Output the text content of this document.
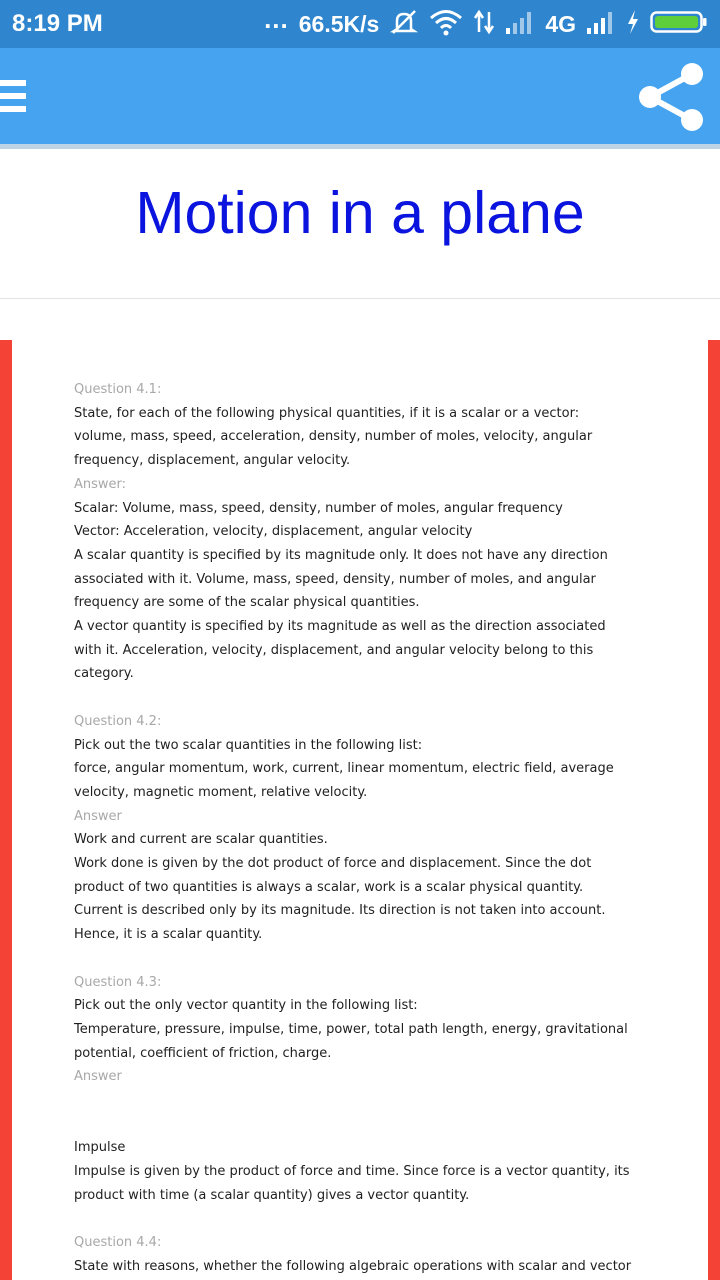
8:19 PM	... 66.5K/s	4G
Motion in a plane

Question 4.1:

State, for each of the following physical quantities, if it is a scalar or a vector:

volume, mass, speed, acceleration, density, number of moles, velocity, angular

frequency, displacement, angular velocity.

Answer:

Scalar: Volume, mass, speed, density, number of moles, angular frequency

Vector: Acceleration, velocity, displacement, angular velocity

A scalar quantity is specified by its magnitude only. It does not have any direction

associated with it. Volume, mass, speed, density, number of moles, and angular

frequency are some of the scalar physical quantities.

A vector quantity is specified by its magnitude as well as the direction associated

with it. Acceleration, velocity, displacement, and angular velocity belong to this

category.

Question 4.2:

Pick out the two scalar quantities in the following list:

force, angular momentum, work, current, linear momentum, electric field, average

velocity, magnetic moment, relative velocity.

Answer

Work and current are scalar quantities.

Work done is given by the dot product of force and displacement. Since the dot

product of two quantities is always a scalar, work is a scalar physical quantity.

Current is described only by its magnitude. Its direction is not taken into account.

Hence, it is a scalar quantity.

Question 4.3:

Pick out the only vector quantity in the following list:

Temperature, pressure, impulse, time, power, total path length, energy, gravitational

potential, coefficient of friction, charge.

Answer

Impulse

Impulse is given by the product of force and time. Since force is a vector quantity, its

product with time (a scalar quantity) gives a vector quantity.

Question 4.4:

State with reasons, whether the following algebraic operations with scalar and vector
